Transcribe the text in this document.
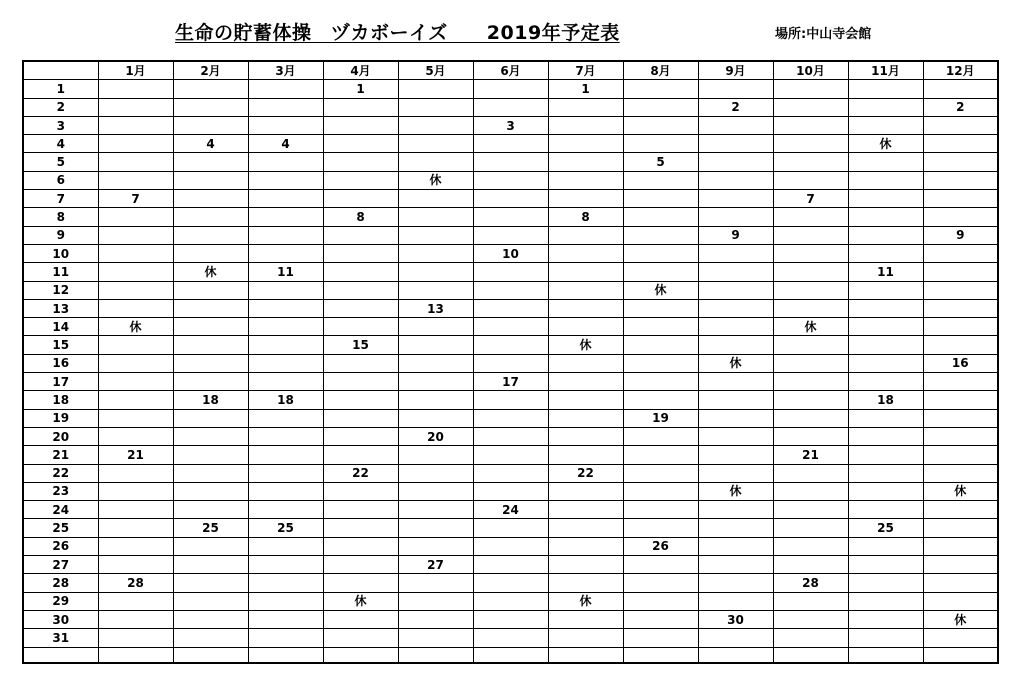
生命の貯蓄体操　ヅカボーイズ　　2019年予定表	場所:中山寺会館
	1月	2月	3月	4月	5月	6月	7月	8月	9月	10月	11月	12月
1				1			1					
2									2			2
3						3						
4		4	4								休	
5								5				
6					休							
7	7									7		
8				8			8					
9									9			9
10						10						
11		休	11								11	
12								休				
13					13							
14	休									休		
15				15			休					
16									休			16
17						17						
18		18	18								18	
19								19				
20					20							
21	21									21		
22				22			22					
23									休			休
24						24						
25		25	25								25	
26								26				
27					27							
28	28									28		
29				休			休					
30									30			休
31												
